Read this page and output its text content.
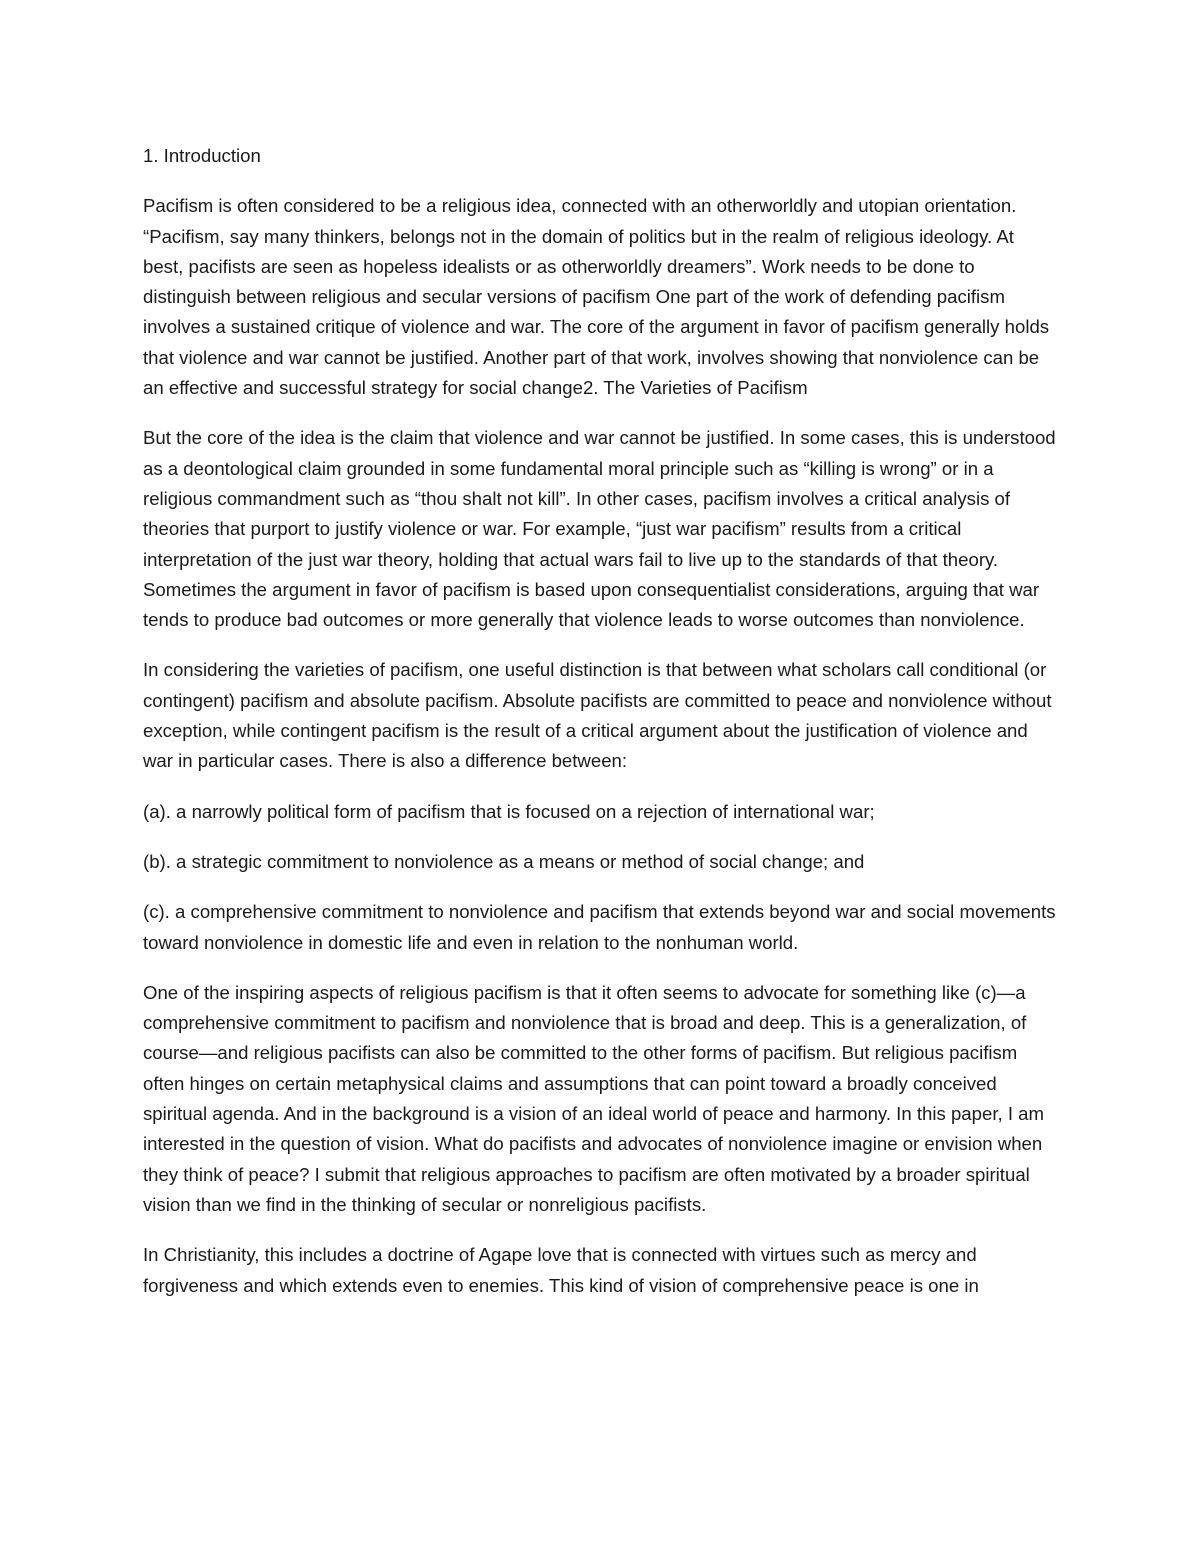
1. Introduction

Pacifism is often considered to be a religious idea, connected with an otherworldly and utopian orientation. “Pacifism, say many thinkers, belongs not in the domain of politics but in the realm of religious ideology. At best, pacifists are seen as hopeless idealists or as otherworldly dreamers”. Work needs to be done to distinguish between religious and secular versions of pacifism One part of the work of defending pacifism involves a sustained critique of violence and war. The core of the argument in favor of pacifism generally holds that violence and war cannot be justified. Another part of that work, involves showing that nonviolence can be an effective and successful strategy for social change2. The Varieties of Pacifism

But the core of the idea is the claim that violence and war cannot be justified. In some cases, this is understood as a deontological claim grounded in some fundamental moral principle such as “killing is wrong” or in a religious commandment such as “thou shalt not kill”. In other cases, pacifism involves a critical analysis of theories that purport to justify violence or war. For example, “just war pacifism” results from a critical interpretation of the just war theory, holding that actual wars fail to live up to the standards of that theory. Sometimes the argument in favor of pacifism is based upon consequentialist considerations, arguing that war tends to produce bad outcomes or more generally that violence leads to worse outcomes than nonviolence.

In considering the varieties of pacifism, one useful distinction is that between what scholars call conditional (or contingent) pacifism and absolute pacifism. Absolute pacifists are committed to peace and nonviolence without exception, while contingent pacifism is the result of a critical argument about the justification of violence and war in particular cases. There is also a difference between:

(a). a narrowly political form of pacifism that is focused on a rejection of international war;

(b). a strategic commitment to nonviolence as a means or method of social change; and

(c). a comprehensive commitment to nonviolence and pacifism that extends beyond war and social movements toward nonviolence in domestic life and even in relation to the nonhuman world.

One of the inspiring aspects of religious pacifism is that it often seems to advocate for something like (c)—a comprehensive commitment to pacifism and nonviolence that is broad and deep. This is a generalization, of course—and religious pacifists can also be committed to the other forms of pacifism. But religious pacifism often hinges on certain metaphysical claims and assumptions that can point toward a broadly conceived spiritual agenda. And in the background is a vision of an ideal world of peace and harmony. In this paper, I am interested in the question of vision. What do pacifists and advocates of nonviolence imagine or envision when they think of peace? I submit that religious approaches to pacifism are often motivated by a broader spiritual vision than we find in the thinking of secular or nonreligious pacifists.

In Christianity, this includes a doctrine of Agape love that is connected with virtues such as mercy and forgiveness and which extends even to enemies. This kind of vision of comprehensive peace is one in
